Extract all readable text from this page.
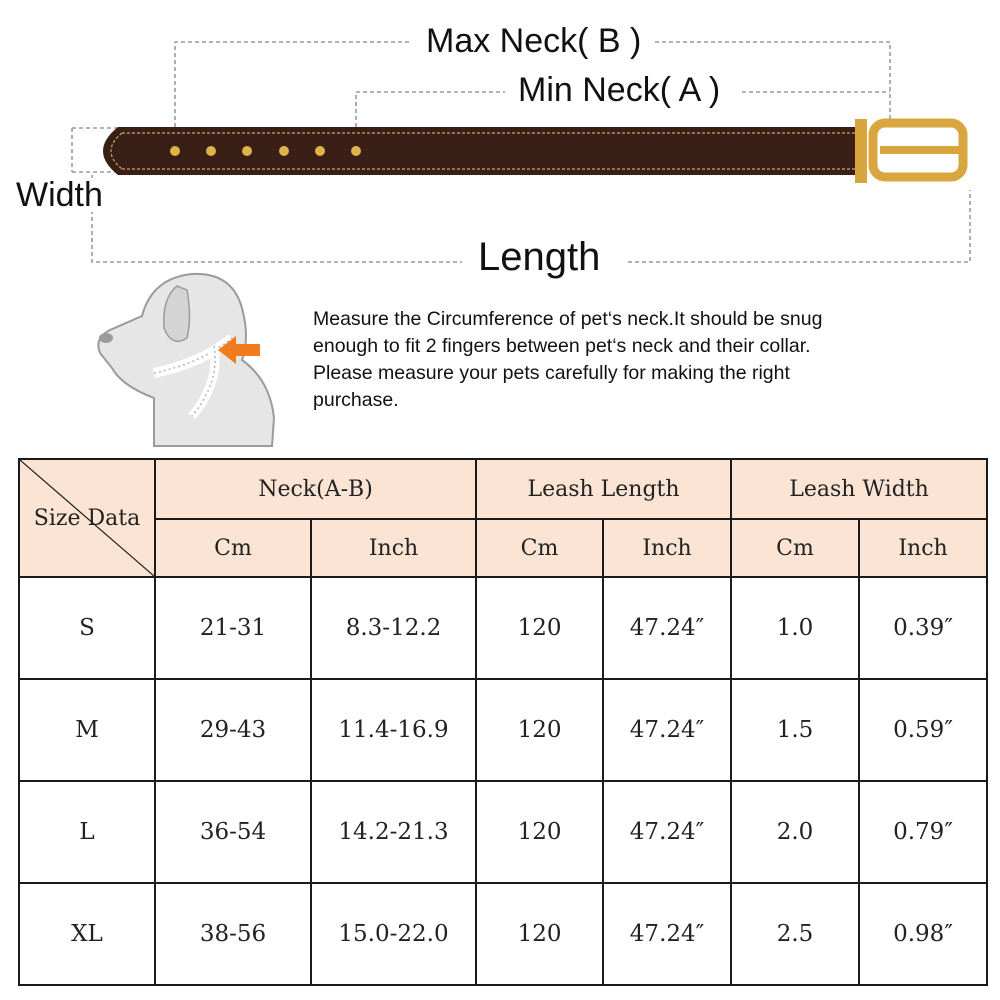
Max Neck( B )
Min Neck( A )
Width
Length

Measure the Circumference of pet‘s neck.It should be snug

enough to fit 2 fingers between pet‘s neck and their collar.

Please measure your pets carefully for making the right

purchase.

Size Data	Neck(A-B)		Leash Length		Leash Width	
	Cm	Inch	Cm	Inch	Cm	Inch
S	21-31	8.3-12.2	120	47.24″	1.0	0.39″
M	29-43	11.4-16.9	120	47.24″	1.5	0.59″
L	36-54	14.2-21.3	120	47.24″	2.0	0.79″
XL	38-56	15.0-22.0	120	47.24″	2.5	0.98″
